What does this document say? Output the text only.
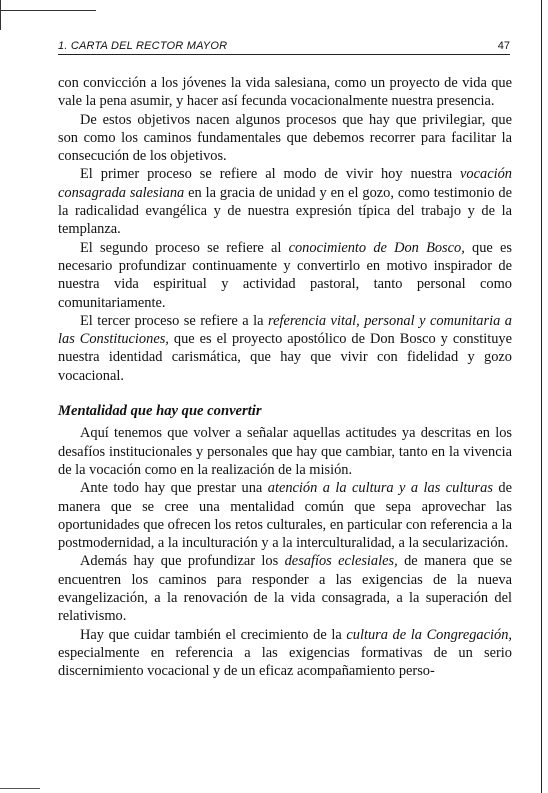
1. CARTA DEL RECTOR MAYOR	47

con convicción a los jóvenes la vida salesiana, como un proyecto de vida que vale la pena asumir, y hacer así fecunda vocacionalmente nuestra presencia.

De estos objetivos nacen algunos procesos que hay que privilegiar, que son como los caminos fundamentales que debemos recorrer para facilitar la consecución de los objetivos.

El primer proceso se refiere al modo de vivir hoy nuestra vocación consagrada salesiana en la gracia de unidad y en el gozo, como testimonio de la radicalidad evangélica y de nuestra expresión típica del trabajo y de la templanza.

El segundo proceso se refiere al conocimiento de Don Bosco, que es necesario profundizar continuamente y convertirlo en motivo inspirador de nuestra vida espiritual y actividad pastoral, tanto personal como comunitariamente.

El tercer proceso se refiere a la referencia vital, personal y comunitaria a las Constituciones, que es el proyecto apostólico de Don Bosco y constituye nuestra identidad carismática, que hay que vivir con fidelidad y gozo vocacional.

Mentalidad que hay que convertir

Aquí tenemos que volver a señalar aquellas actitudes ya descritas en los desafíos institucionales y personales que hay que cambiar, tanto en la vivencia de la vocación como en la realización de la misión.

Ante todo hay que prestar una atención a la cultura y a las culturas de manera que se cree una mentalidad común que sepa aprovechar las oportunidades que ofrecen los retos culturales, en particular con referencia a la postmodernidad, a la inculturación y a la interculturalidad, a la secularización.

Además hay que profundizar los desafíos eclesiales, de manera que se encuentren los caminos para responder a las exigencias de la nueva evangelización, a la renovación de la vida consagrada, a la superación del relativismo.

Hay que cuidar también el crecimiento de la cultura de la Congregación, especialmente en referencia a las exigencias formativas de un serio discernimiento vocacional y de un eficaz acompañamiento perso-
